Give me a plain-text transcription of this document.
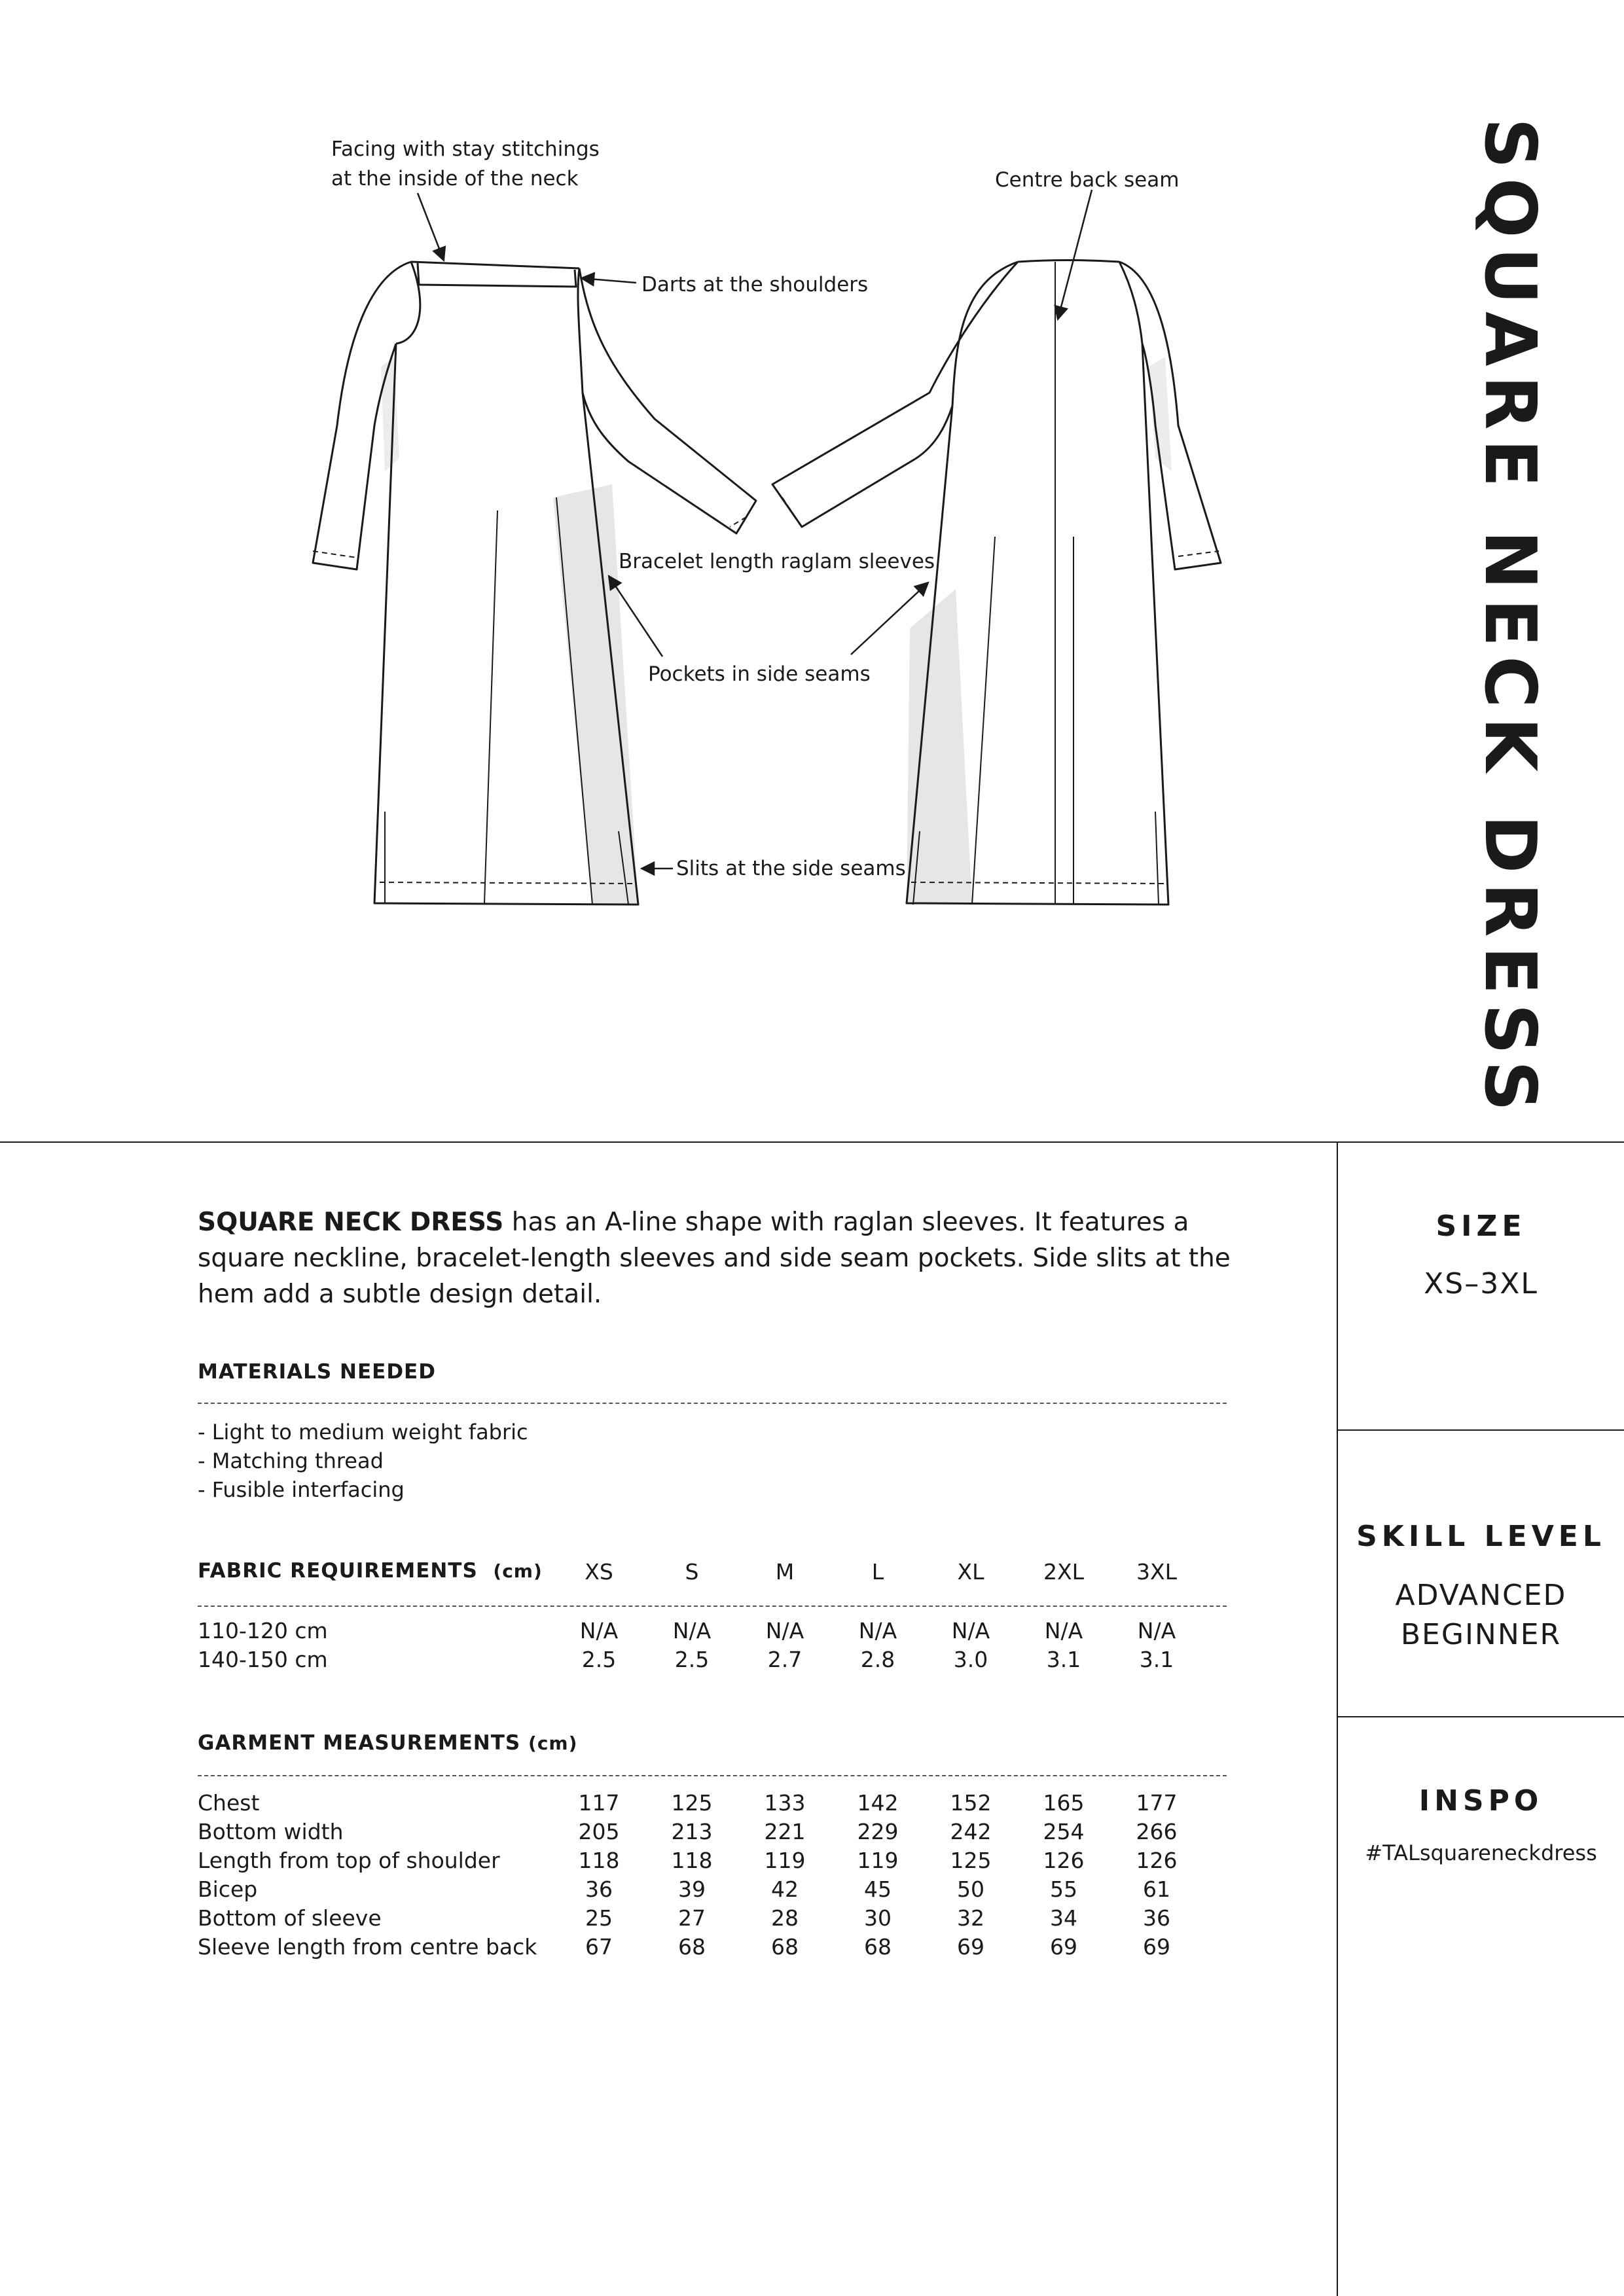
Facing with stay stitchings
at the inside of the neck
Darts at the shoulders
Centre back seam
Bracelet length raglam sleeves
Pockets in side seams
Slits at the side seams	SQUARE NECK DRESS
SQUARE NECK DRESS has an A-line shape with raglan sleeves. It features a square neckline, bracelet-length sleeves and side seam pockets. Side slits at the hem add a subtle design detail.
MATERIALS NEEDED
- Light to medium weight fabric
- Matching thread
- Fusible interfacing
FABRIC REQUIREMENTS (cm)	XS	S	M	L	XL	2XL	3XL
110-120 cm	N/A	N/A	N/A	N/A	N/A	N/A	N/A
140-150 cm	2.5	2.5	2.7	2.8	3.0	3.1	3.1
GARMENT MEASUREMENTS (cm)
Chest	117	125	133	142	152	165	177
Bottom width	205	213	221	229	242	254	266
Length from top of shoulder	118	118	119	119	125	126	126
Bicep	36	39	42	45	50	55	61
Bottom of sleeve	25	27	28	30	32	34	36
Sleeve length from centre back	67	68	68	68	69	69	69
SIZE
XS–3XL
SKILL LEVEL
ADVANCED
BEGINNER
INSPO
#TALsquareneckdress
